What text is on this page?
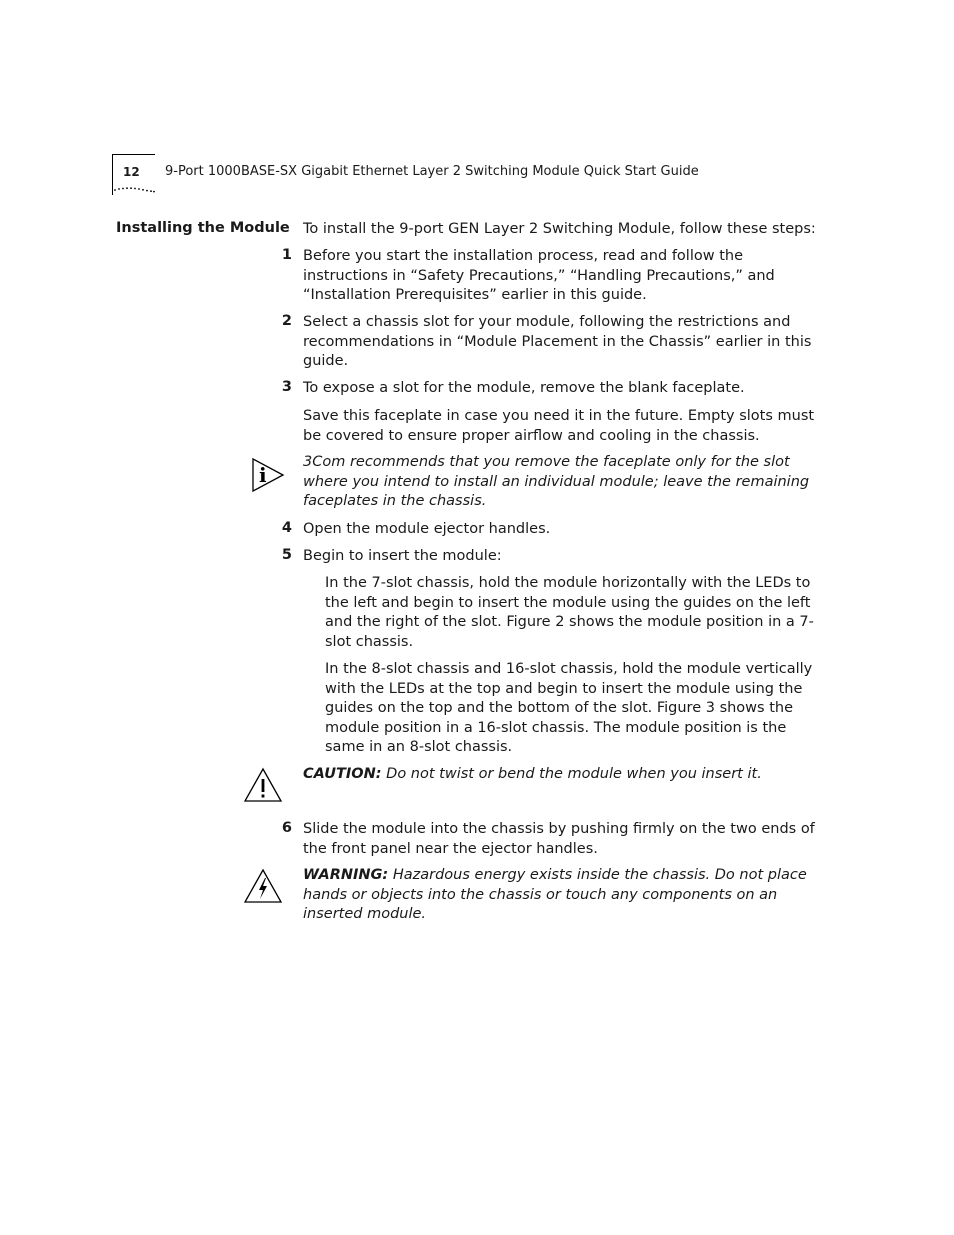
12 9-Port 1000BASE-SX Gigabit Ethernet Layer 2 Switching Module Quick Start Guide
Installing the Module To install the 9-port GEN Layer 2 Switching Module, follow these steps:
1 Before you start the installation process, read and follow the instructions in “Safety Precautions,” “Handling Precautions,” and “Installation Prerequisites” earlier in this guide.
2 Select a chassis slot for your module, following the restrictions and recommendations in “Module Placement in the Chassis” earlier in this guide.
3 To expose a slot for the module, remove the blank faceplate.
Save this faceplate in case you need it in the future. Empty slots must be covered to ensure proper airflow and cooling in the chassis.
i
3Com recommends that you remove the faceplate only for the slot where you intend to install an individual module; leave the remaining faceplates in the chassis.
4 Open the module ejector handles.
5 Begin to insert the module:
In the 7-slot chassis, hold the module horizontally with the LEDs to the left and begin to insert the module using the guides on the left and the right of the slot. Figure 2 shows the module position in a 7-slot chassis.
In the 8-slot chassis and 16-slot chassis, hold the module vertically with the LEDs at the top and begin to insert the module using the guides on the top and the bottom of the slot. Figure 3 shows the module position in a 16-slot chassis. The module position is the same in an 8-slot chassis.
CAUTION: Do not twist or bend the module when you insert it.
6 Slide the module into the chassis by pushing firmly on the two ends of the front panel near the ejector handles.
WARNING: Hazardous energy exists inside the chassis. Do not place hands or objects into the chassis or touch any components on an inserted module.
